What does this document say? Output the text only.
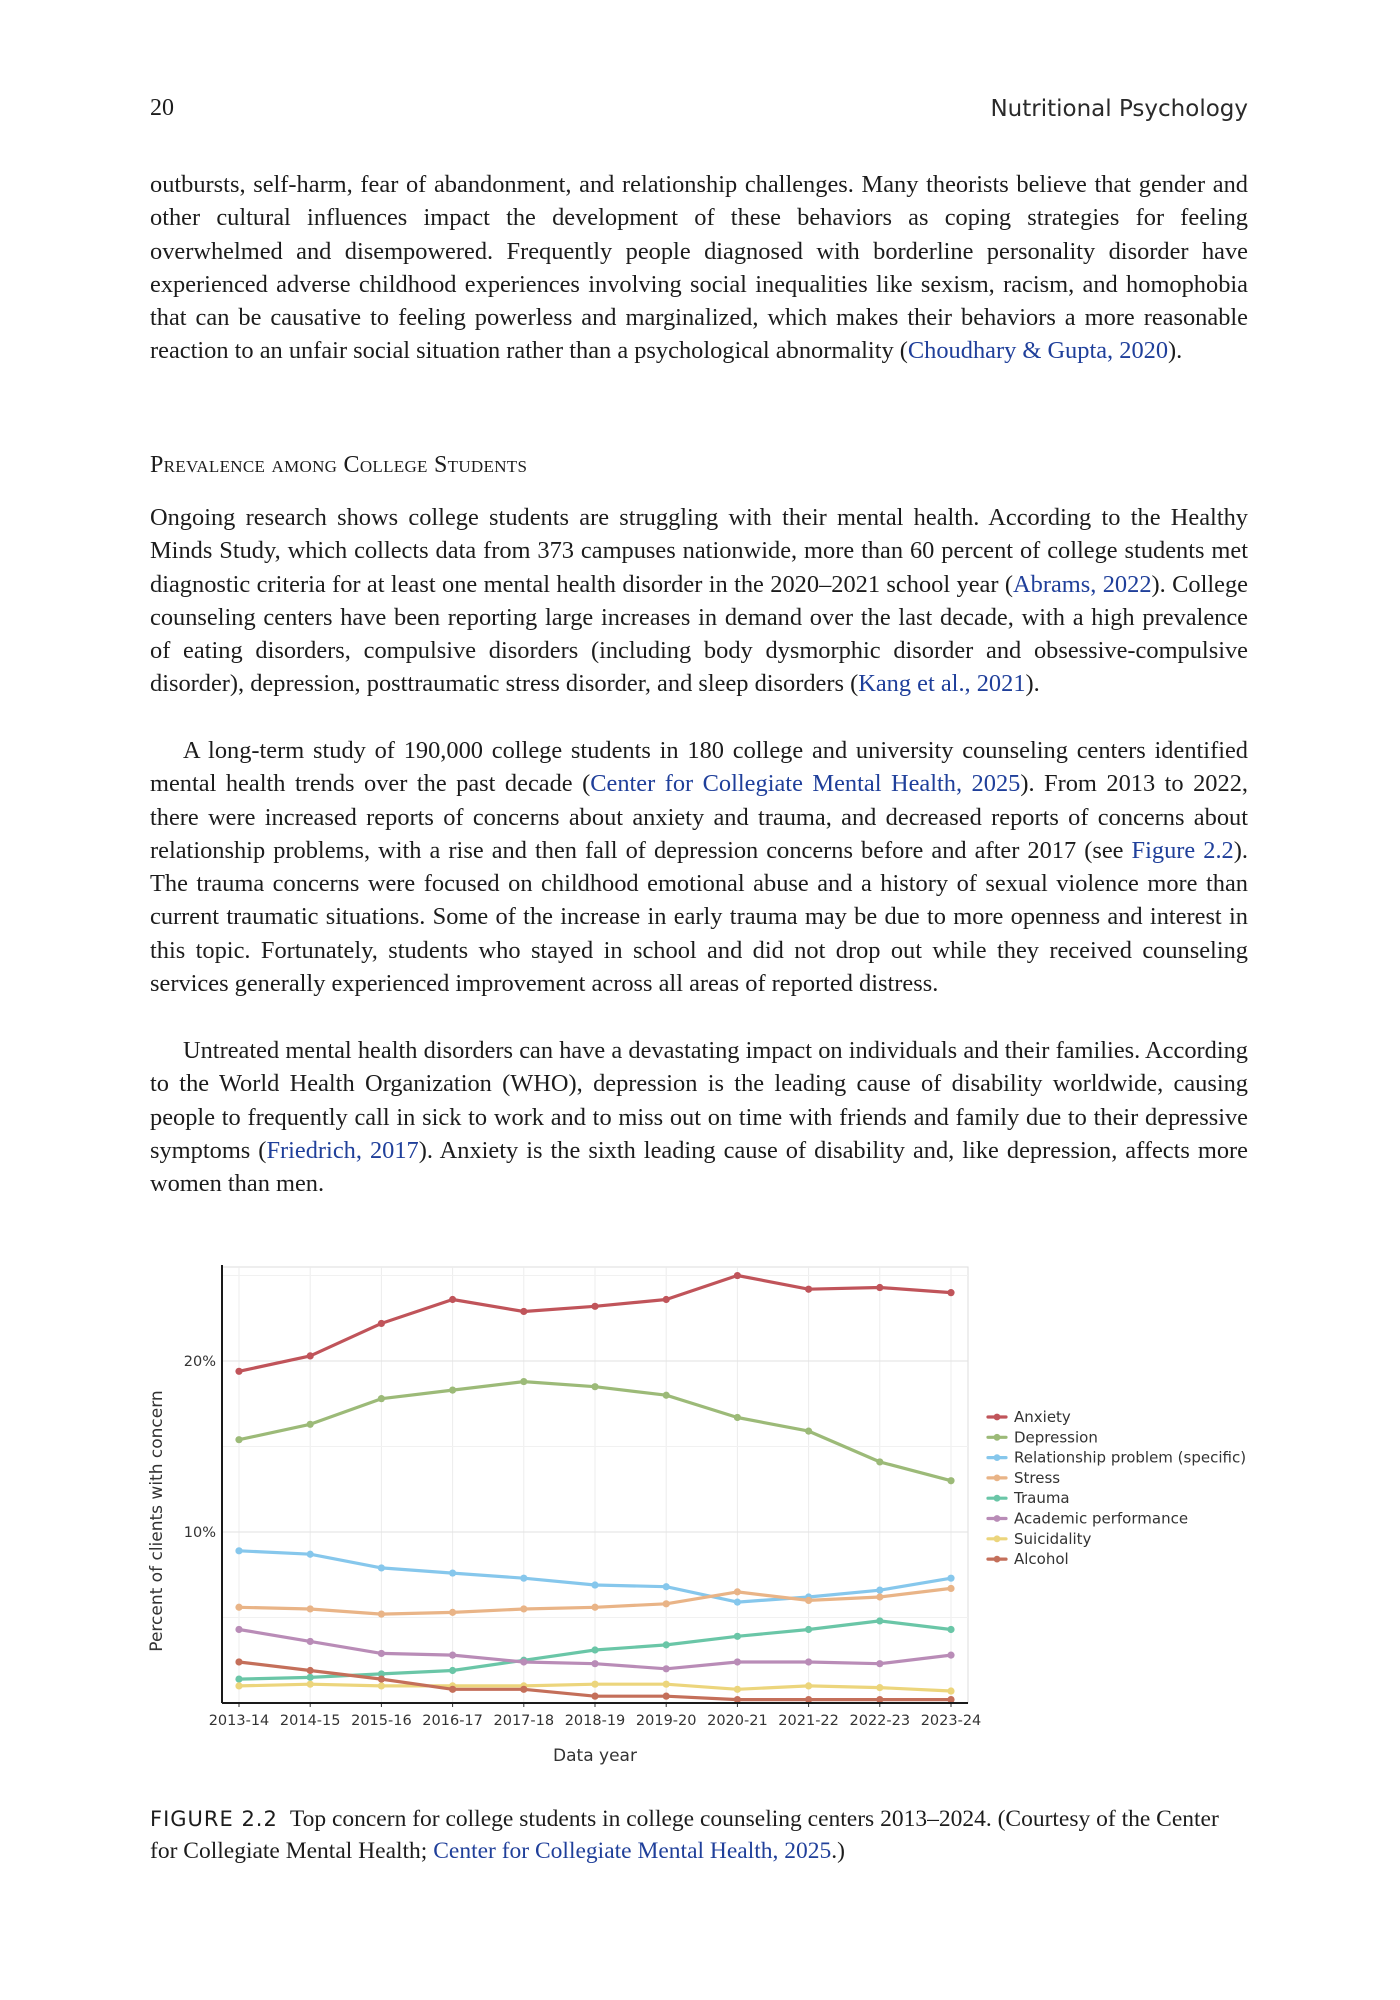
20	Nutritional Psychology

outbursts, self-harm, fear of abandonment, and relationship challenges. Many theorists believe that gender and other cultural influences impact the development of these behaviors as coping strategies for feeling overwhelmed and disempowered. Frequently people diagnosed with borderline personality disorder have experienced adverse childhood experiences involving social inequalities like sexism, racism, and homophobia that can be causative to feeling powerless and marginalized, which makes their behaviors a more reasonable reaction to an unfair social situation rather than a psychological abnormality (Choudhary & Gupta, 2020).

Prevalence among College Students

Ongoing research shows college students are struggling with their mental health. According to the Healthy Minds Study, which collects data from 373 campuses nationwide, more than 60 percent of college students met diagnostic criteria for at least one mental health disorder in the 2020–2021 school year (Abrams, 2022). College counseling centers have been reporting large increases in demand over the last decade, with a high prevalence of eating disorders, compulsive disorders (including body dysmorphic disorder and obsessive-compulsive disorder), depression, posttraumatic stress disorder, and sleep disorders (Kang et al., 2021).

A long-term study of 190,000 college students in 180 college and university counseling centers identified mental health trends over the past decade (Center for Collegiate Mental Health, 2025). From 2013 to 2022, there were increased reports of concerns about anxiety and trauma, and decreased reports of concerns about relationship problems, with a rise and then fall of depression concerns before and after 2017 (see Figure 2.2). The trauma concerns were focused on childhood emotional abuse and a history of sexual violence more than current traumatic situations. Some of the increase in early trauma may be due to more openness and interest in this topic. Fortunately, students who stayed in school and did not drop out while they received counseling services generally experienced improvement across all areas of reported distress.

Untreated mental health disorders can have a devastating impact on individuals and their families. According to the World Health Organization (WHO), depression is the leading cause of disability worldwide, causing people to frequently call in sick to work and to miss out on time with friends and family due to their depressive symptoms (Friedrich, 2017). Anxiety is the sixth leading cause of disability and, like depression, affects more women than men.

2013-14 2014-15 2015-16 2016-17 2017-18 2018-19 2019-20 2020-21 2021-22 2022-23 2023-24
10%
20%
Data year
Percent of clients with concern	Anxiety
Depression
Relationship problem (specific)
Stress
Trauma
Academic performance
Suicidality
Alcohol

FIGURE 2.2 Top concern for college students in college counseling centers 2013–2024. (Courtesy of the Center for Collegiate Mental Health; Center for Collegiate Mental Health, 2025.)
